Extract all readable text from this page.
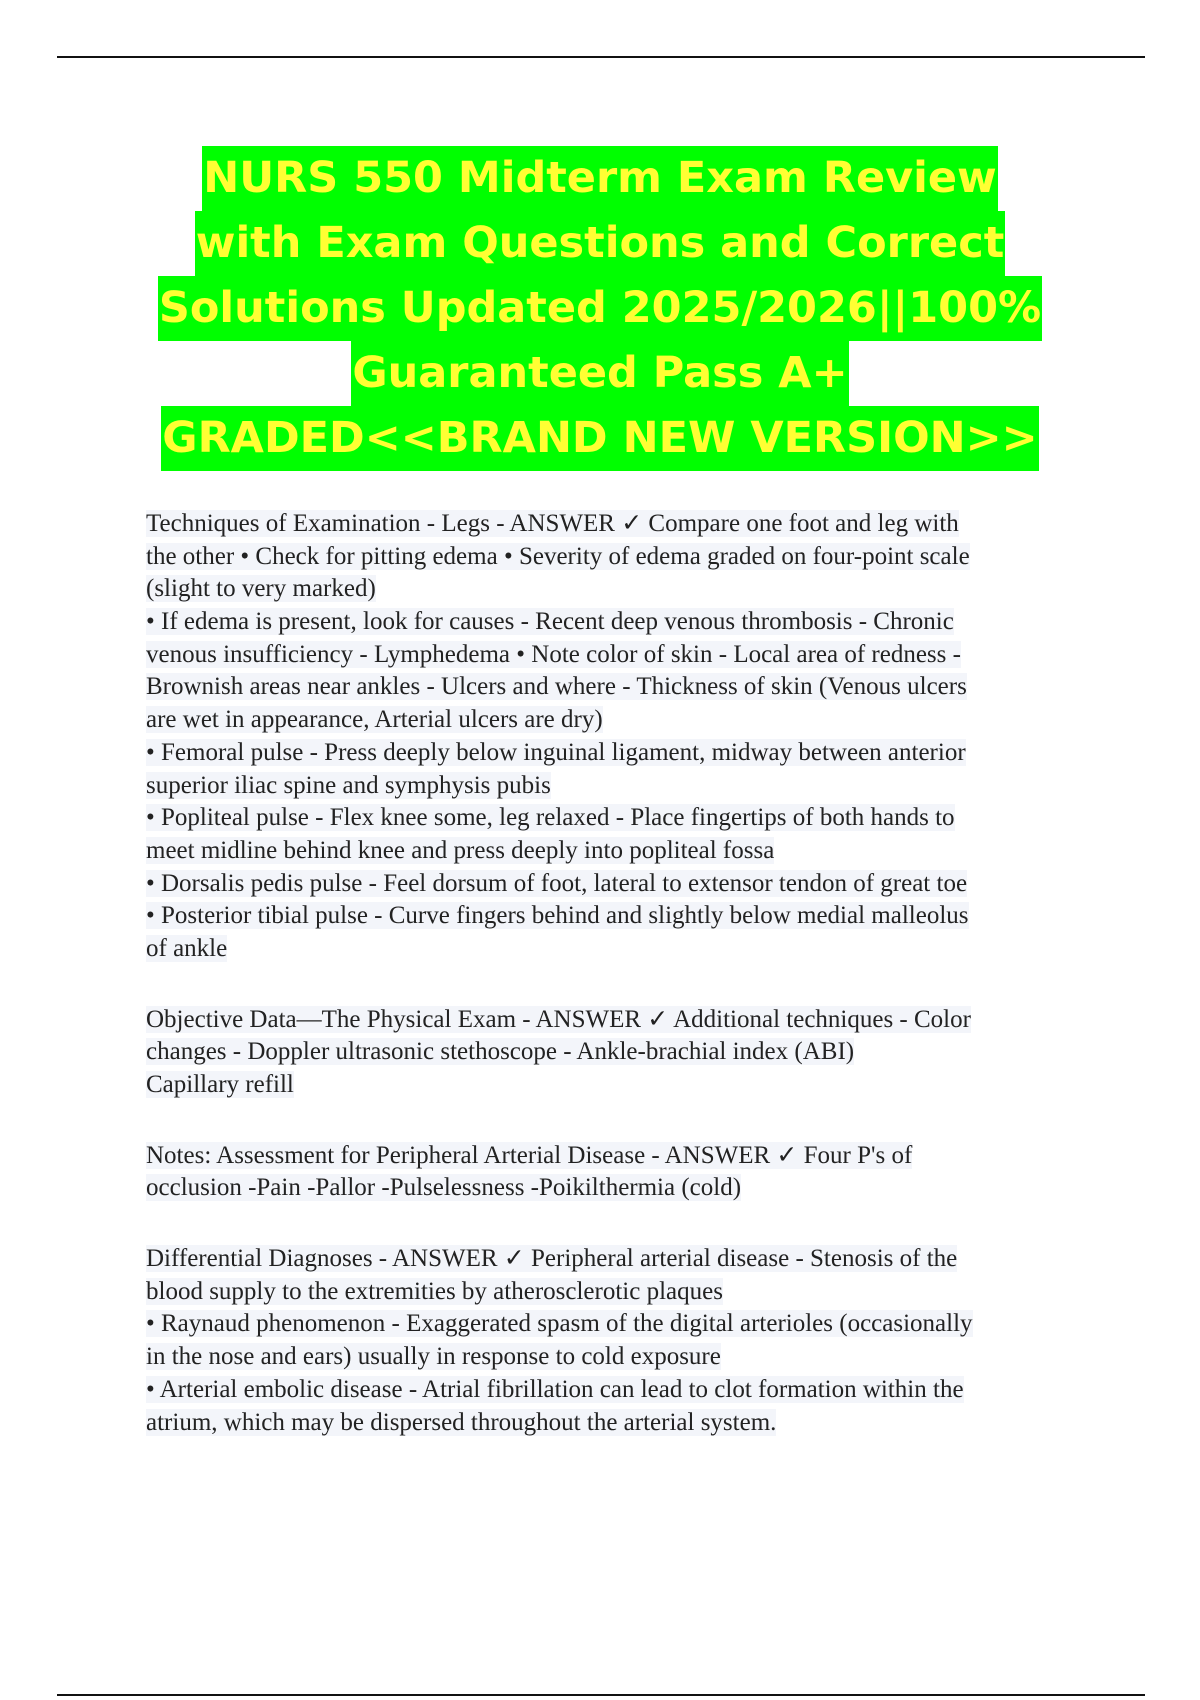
NURS 550 Midterm Exam Review
with Exam Questions and Correct
Solutions Updated 2025/2026||100%
Guaranteed Pass A+
GRADED<<BRAND NEW VERSION>>
Techniques of Examination - Legs - ANSWER ✓ Compare one foot and leg with
the other • Check for pitting edema • Severity of edema graded on four-point scale
(slight to very marked)
• If edema is present, look for causes - Recent deep venous thrombosis - Chronic
venous insufficiency - Lymphedema • Note color of skin - Local area of redness -
Brownish areas near ankles - Ulcers and where - Thickness of skin (Venous ulcers
are wet in appearance, Arterial ulcers are dry)
• Femoral pulse - Press deeply below inguinal ligament, midway between anterior
superior iliac spine and symphysis pubis
• Popliteal pulse - Flex knee some, leg relaxed - Place fingertips of both hands to
meet midline behind knee and press deeply into popliteal fossa
• Dorsalis pedis pulse - Feel dorsum of foot, lateral to extensor tendon of great toe
• Posterior tibial pulse - Curve fingers behind and slightly below medial malleolus
of ankle
Objective Data—The Physical Exam - ANSWER ✓ Additional techniques - Color
changes - Doppler ultrasonic stethoscope - Ankle-brachial index (ABI)
Capillary refill
Notes: Assessment for Peripheral Arterial Disease - ANSWER ✓ Four P's of
occlusion -Pain -Pallor -Pulselessness -Poikilthermia (cold)
Differential Diagnoses - ANSWER ✓ Peripheral arterial disease - Stenosis of the
blood supply to the extremities by atherosclerotic plaques
• Raynaud phenomenon - Exaggerated spasm of the digital arterioles (occasionally
in the nose and ears) usually in response to cold exposure
• Arterial embolic disease - Atrial fibrillation can lead to clot formation within the
atrium, which may be dispersed throughout the arterial system.
